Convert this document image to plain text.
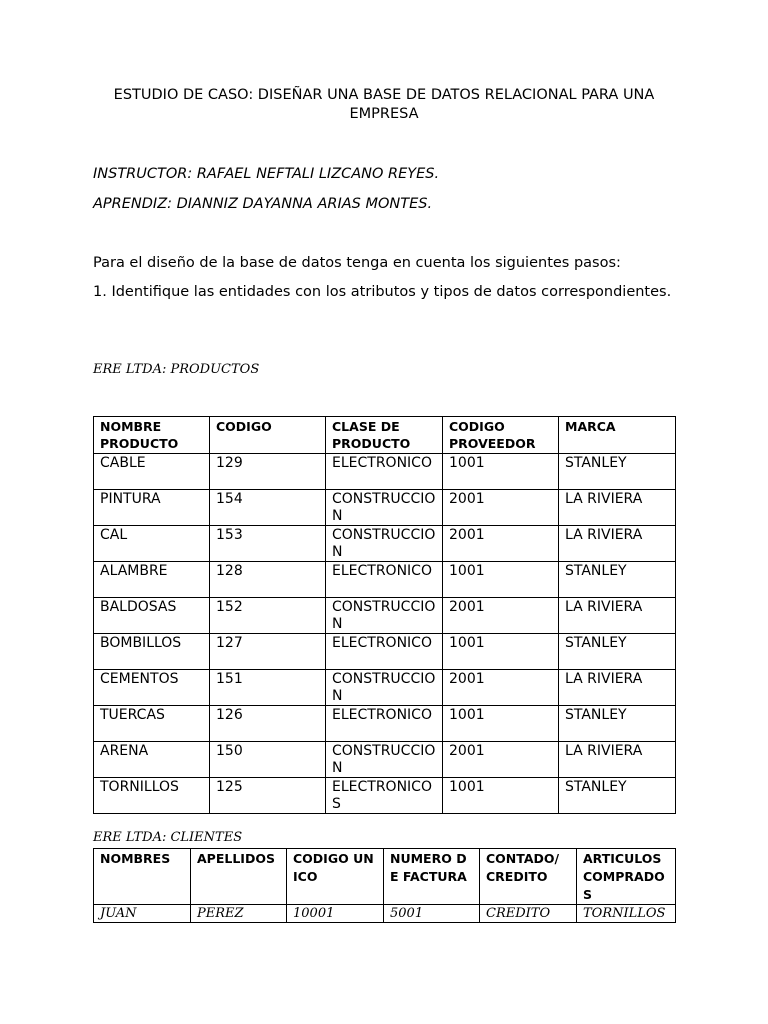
ESTUDIO DE CASO: DISEÑAR UNA BASE DE DATOS RELACIONAL PARA UNA EMPRESA
INSTRUCTOR: RAFAEL NEFTALI LIZCANO REYES.
APRENDIZ: DIANNIZ DAYANNA ARIAS MONTES.
Para el diseño de la base de datos tenga en cuenta los siguientes pasos:
1. Identifique las entidades con los atributos y tipos de datos correspondientes.
ERE LTDA: PRODUCTOS
NOMBRE PRODUCTO	CODIGO	CLASE DE PRODUCTO	CODIGO PROVEEDOR	MARCA
CABLE	129	ELECTRONICO	1001	STANLEY
PINTURA	154	CONSTRUCCION	2001	LA RIVIERA
CAL	153	CONSTRUCCION	2001	LA RIVIERA
ALAMBRE	128	ELECTRONICO	1001	STANLEY
BALDOSAS	152	CONSTRUCCION	2001	LA RIVIERA
BOMBILLOS	127	ELECTRONICO	1001	STANLEY
CEMENTOS	151	CONSTRUCCION	2001	LA RIVIERA
TUERCAS	126	ELECTRONICO	1001	STANLEY
ARENA	150	CONSTRUCCION	2001	LA RIVIERA
TORNILLOS	125	ELECTRONICOS	1001	STANLEY
ERE LTDA: CLIENTES
NOMBRES	APELLIDOS	CODIGO UNICO	NUMERO DE FACTURA	CONTADO/ CREDITO	ARTICULOS COMPRADOS
JUAN	PEREZ	10001	5001	CREDITO	TORNILLOS
